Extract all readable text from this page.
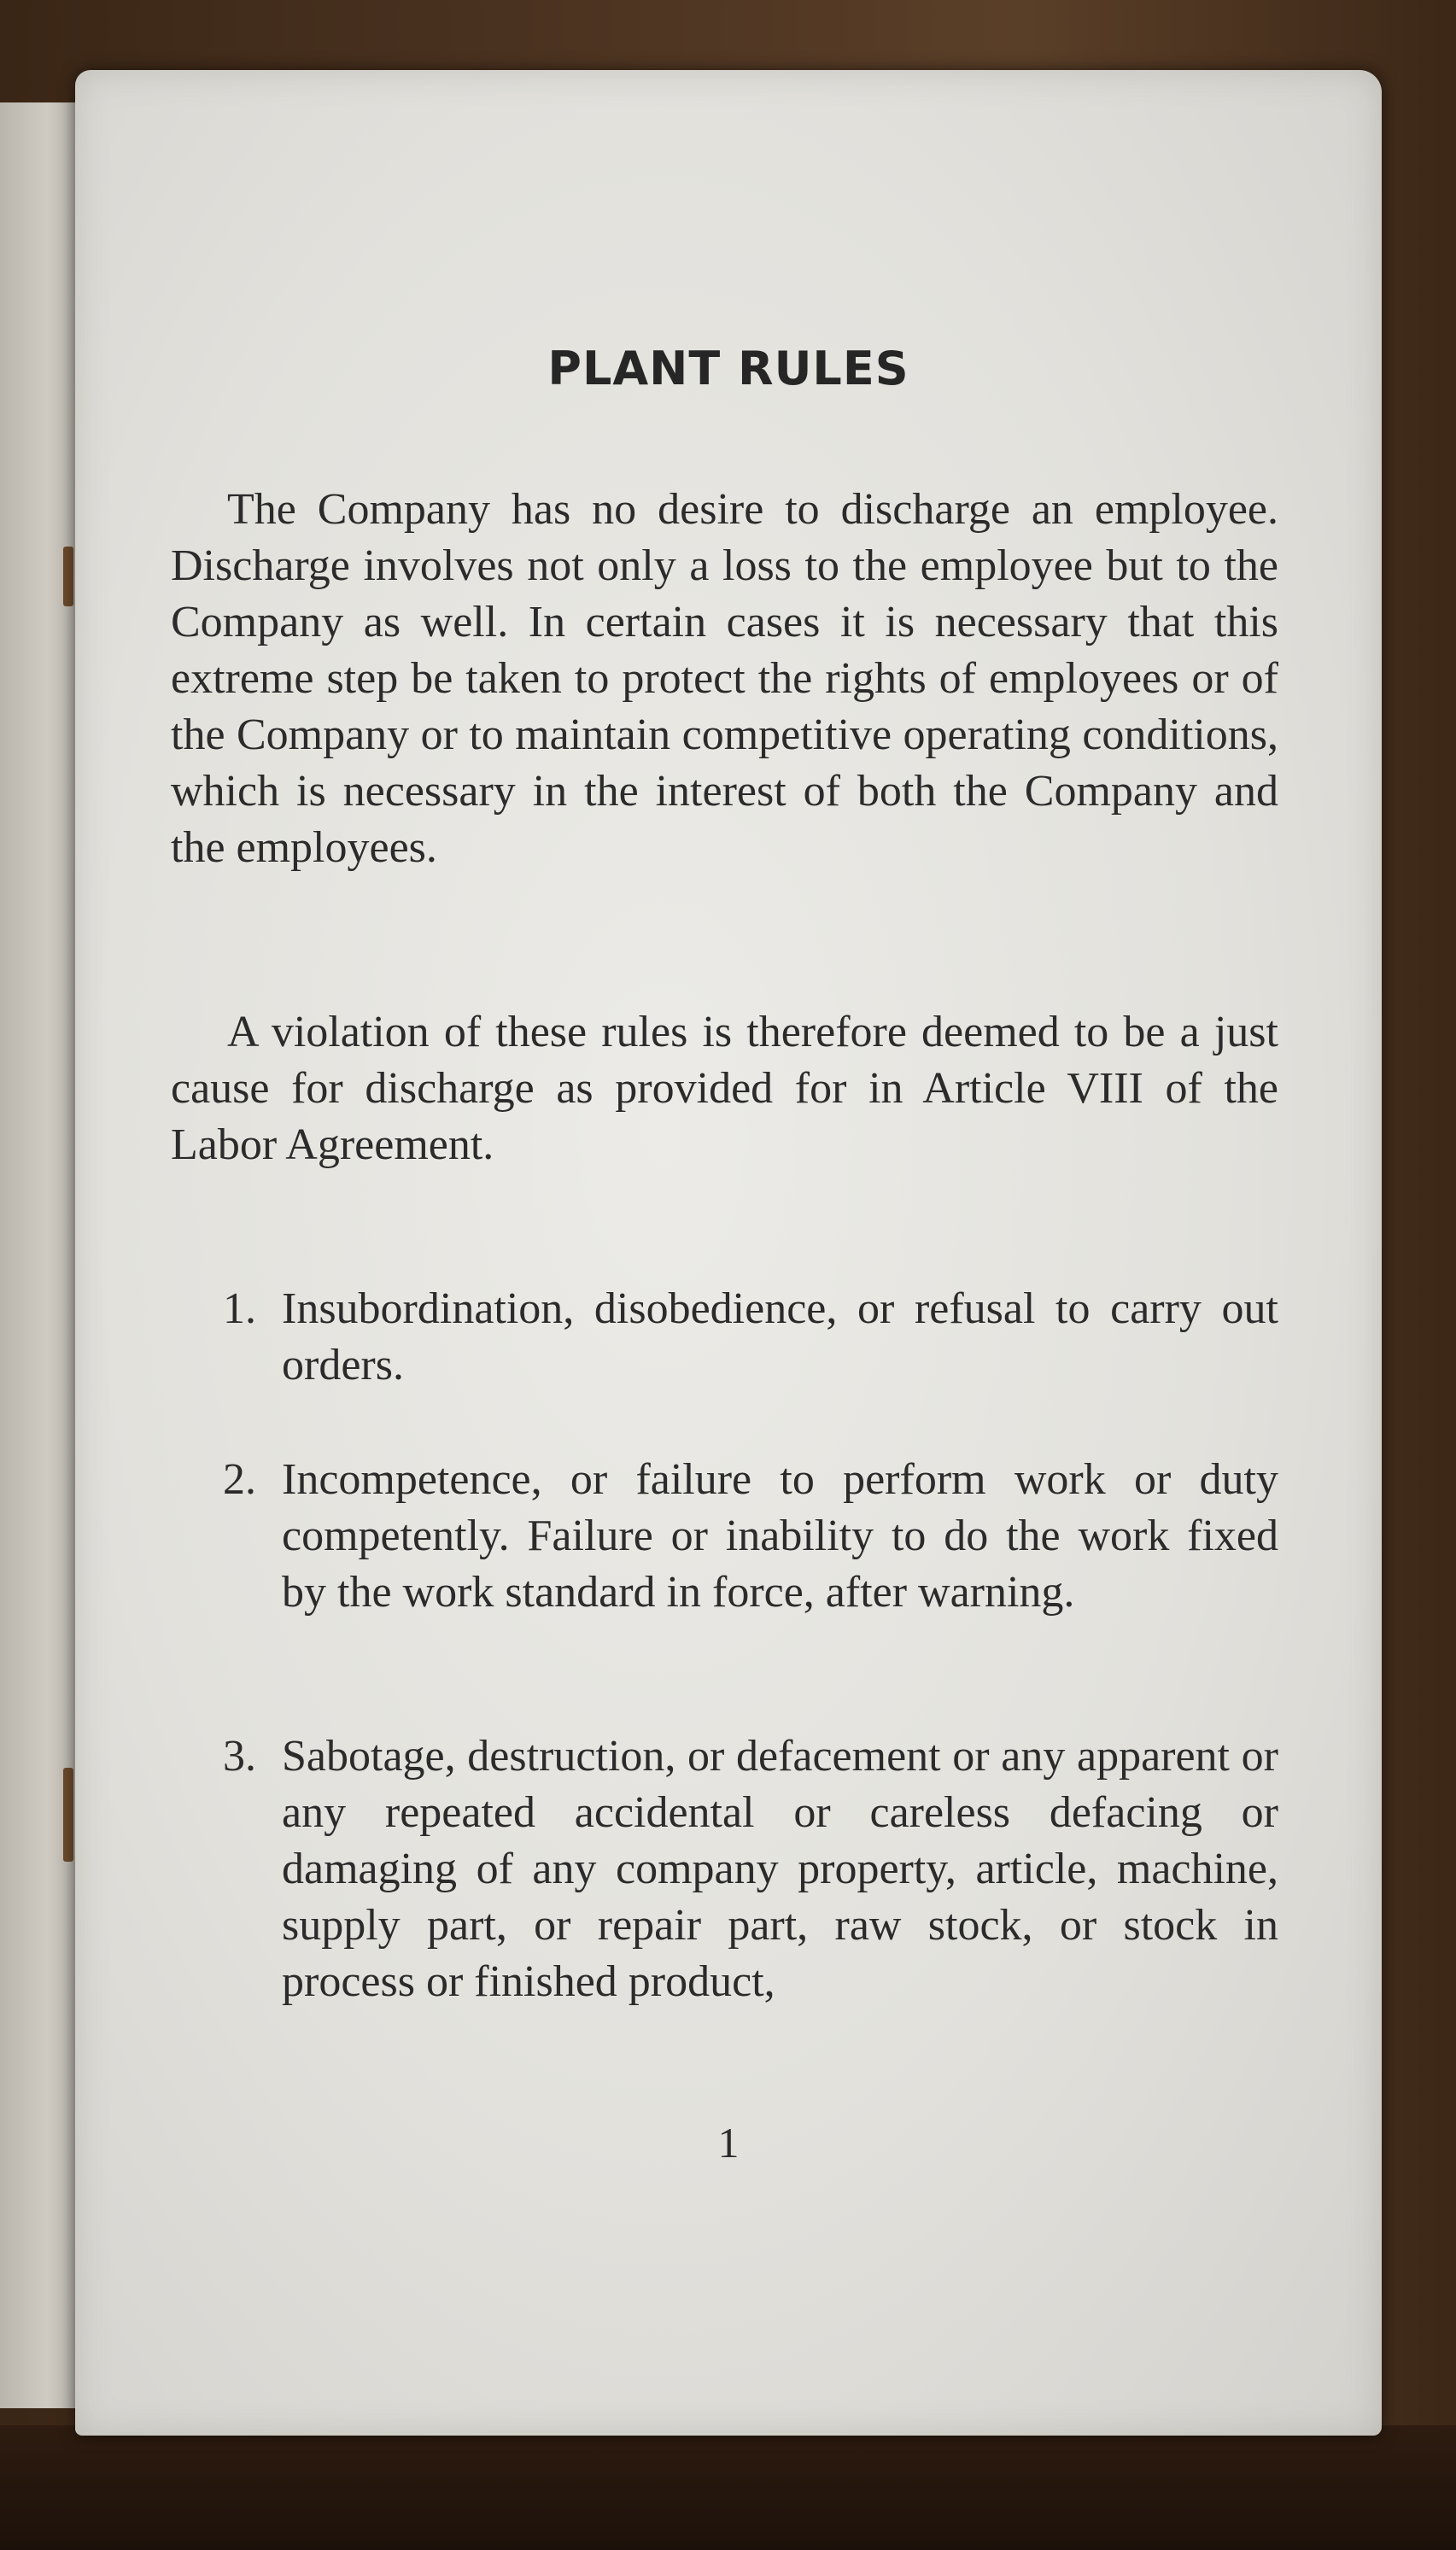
PLANT RULES

The Company has no desire to discharge an employee. Discharge involves not only a loss to the employee but to the Company as well. In certain cases it is necessary that this extreme step be taken to protect the rights of employees or of the Company or to maintain competitive operating conditions, which is necessary in the interest of both the Company and the employees.

A violation of these rules is therefore deemed to be a just cause for discharge as provided for in Article VIII of the Labor Agreement.

1. Insubordination, disobedience, or refusal to carry out orders.

2. Incompetence, or failure to perform work or duty competently. Failure or inability to do the work fixed by the work standard in force, after warning.

3. Sabotage, destruction, or defacement or any apparent or any repeated accidental or careless defacing or damaging of any company property, article, machine, supply part, or repair part, raw stock, or stock in process or finished product,

1
